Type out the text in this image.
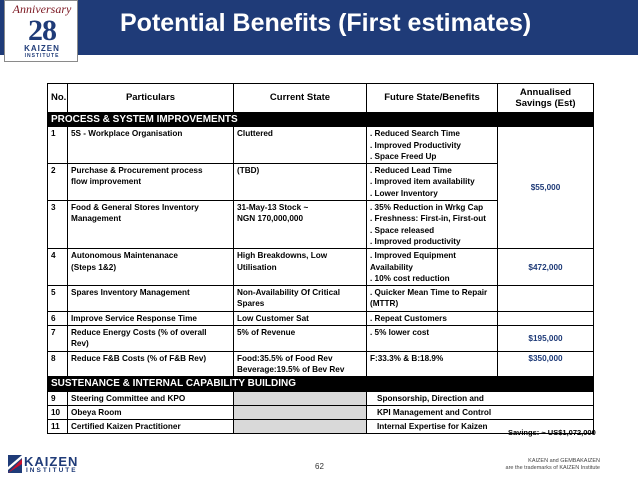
Potential Benefits (First estimates)
Anniversary
28
KAIZEN
INSTITUTE
No.	Particulars	Current State	Future State/Benefits	Annualised Savings (Est)
PROCESS & SYSTEM IMPROVEMENTS				
1	5S - Workplace Organisation	Cluttered	. Reduced Search Time
. Improved Productivity
. Space Freed Up	$55,000
2	Purchase & Procurement process
flow improvement	(TBD)	. Reduced Lead Time
. Improved item availability
. Lower Inventory	

3	Food & General Stores Inventory
Management	31-May-13 Stock ~
NGN 170,000,000	. 35% Reduction in Wrkg Cap
. Freshness: First-in, First-out
. Space released
. Improved productivity	

4	Autonomous Maintenanace
(Steps 1&2)	High Breakdowns, Low
Utilisation	. Improved Equipment
Availability
. 10% cost reduction	$472,000
5	Spares Inventory Management	Non-Availability Of Critical
Spares	. Quicker Mean Time to Repair
(MTTR)	

6	Improve Service Response Time	Low Customer Sat	. Repeat Customers	

7	Reduce Energy Costs (% of overall
Rev)	5% of Revenue	. 5% lower cost	$195,000
8	Reduce F&B Costs (% of F&B Rev)	Food:35.5% of Food Rev
Beverage:19.5% of Bev Rev	F:33.3% & B:18.9%	$350,000
SUSTENANCE & INTERNAL CAPABILITY BUILDING				
9	Steering Committee and KPO		Sponsorship, Direction and	
10	Obeya Room		KPI Management and Control	
11	Certified Kaizen Practitioner		Internal Expertise for Kaizen	
Savings: ~ US$1,072,000
KAIZEN
INSTITUTE	62
KAIZEN and GEMBAKAIZEN
are the trademarks of KAIZEN Institute
